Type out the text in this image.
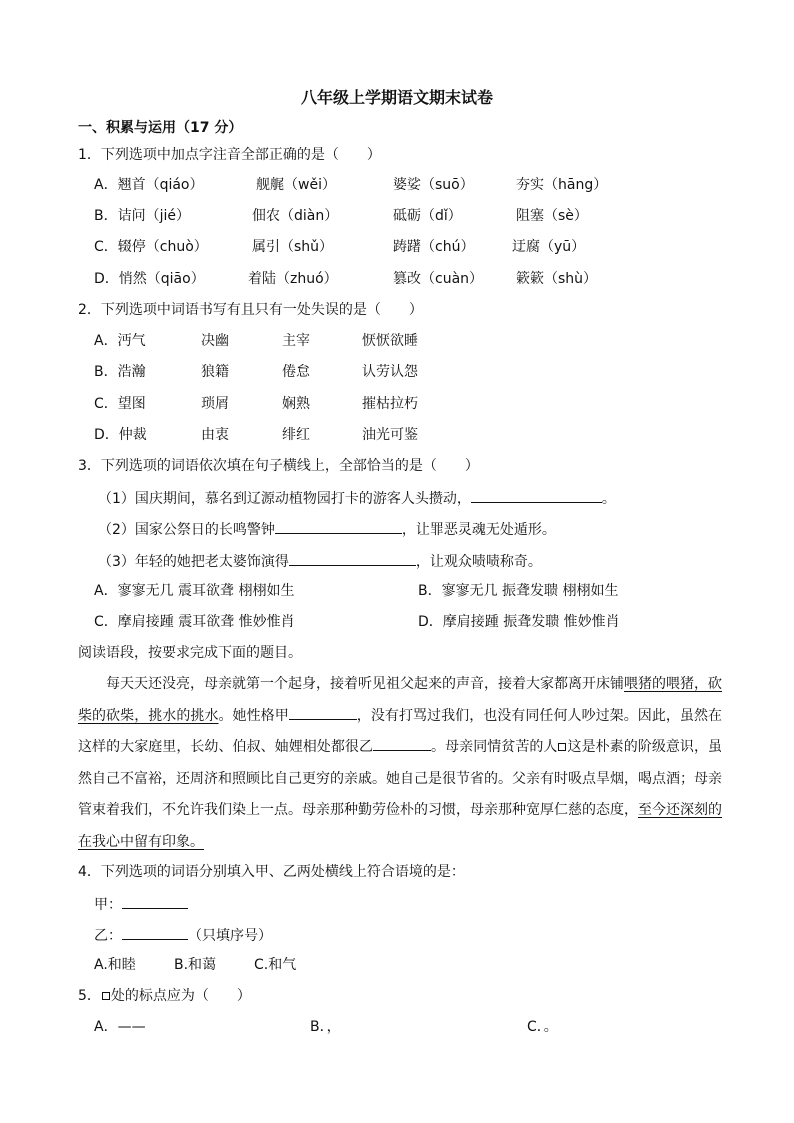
八年级上学期语文期末试卷
一、积累与运用（17 分）
1．下列选项中加点字注音全部正确的是（　　）
A．翘首（qiáo）	舰艉（wěi）	婆娑（suō）	夯实（hāng）
B．诘问（jié）	佃农（diàn）	砥砺（dǐ）	阻塞（sè）
C．辍停（chuò）	属引（shǔ）	踌躇（chú）	迂腐（yū）
D．悄然（qiāo）	着陆（zhuó）	篡改（cuàn） 簌簌（shù）
2．下列选项中词语书写有且只有一处失误的是（　　）
A．沔气	决幽	主宰	恹恹欲睡
B．浩瀚	狼籍	倦怠	认劳认怨
C．望图	琐屑	娴熟	摧枯拉朽
D．仲裁	由衷	绯红	油光可鉴
3．下列选项的词语依次填在句子横线上，全部恰当的是（　　）
（1）国庆期间，慕名到辽源动植物园打卡的游客人头攒动，	。
（2）国家公祭日的长鸣警钟	，让罪恶灵魂无处遁形。
（3）年轻的她把老太婆饰演得	，让观众啧啧称奇。
A．寥寥无几 震耳欲聋 栩栩如生	B．寥寥无几 振聋发聩 栩栩如生
C．摩肩接踵 震耳欲聋 惟妙惟肖	D．摩肩接踵 振聋发聩 惟妙惟肖
阅读语段，按要求完成下面的题目。
每天天还没亮，母亲就第一个起身，接着听见祖父起来的声音，接着大家都离开床铺喂猪的喂猪，砍柴的砍柴，挑水的挑水。她性格甲	，没有打骂过我们，也没有同任何人吵过架。因此，虽然在这样的大家庭里，长幼、伯叔、妯娌相处都很乙	。母亲同情贫苦的人 这是朴素的阶级意识，虽然自己不富裕，还周济和照顾比自己更穷的亲戚。她自己是很节省的。父亲有时吸点旱烟，喝点酒；母亲管束着我们，不允许我们染上一点。母亲那种勤劳俭朴的习惯，母亲那种宽厚仁慈的态度，至今还深刻的在我心中留有印象。
4．下列选项的词语分别填入甲、乙两处横线上符合语境的是：
甲：
乙：	（只填序号）
A.和睦	B.和蔼	C.和气
5． 处的标点应为（　　）
A．——	B．，	C．。
